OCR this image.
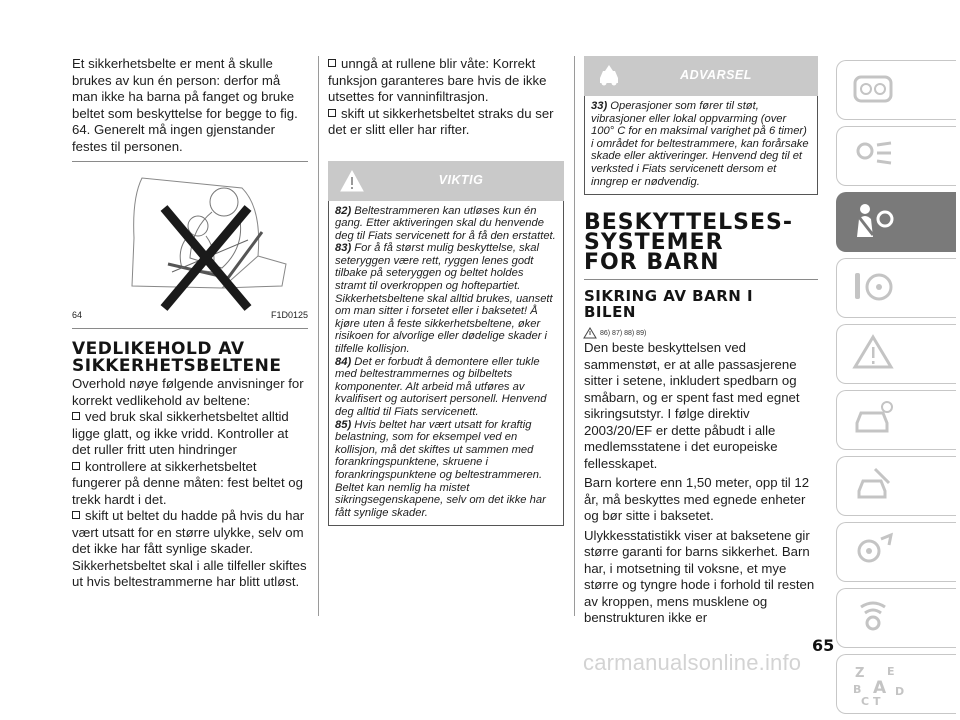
Et sikkerhetsbelte er ment å skulle brukes av kun én person: derfor må man ikke ha barna på fanget og bruke beltet som beskyttelse for begge to fig. 64. Generelt må ingen gjenstander festes til personen.

64	F1D0125
VEDLIKEHOLD AV
SIKKERHETSBELTENE

Overhold nøye følgende anvisninger for korrekt vedlikehold av beltene:

ved bruk skal sikkerhetsbeltet alltid ligge glatt, og ikke vridd. Kontroller at det ruller fritt uten hindringer
kontrollere at sikkerhetsbeltet fungerer på denne måten: fest beltet og trekk hardt i det.
skift ut beltet du hadde på hvis du har vært utsatt for en større ulykke, selv om det ikke har fått synlige skader.

Sikkerhetsbeltet skal i alle tilfeller skiftes ut hvis beltestrammerne har blitt utløst.

unngå at rullene blir våte: Korrekt funksjon garanteres bare hvis de ikke utsettes for vanninfiltrasjon.
skift ut sikkerhetsbeltet straks du ser det er slitt eller har rifter.
VIKTIG

82) Beltestrammeren kan utløses kun én gang. Etter aktiveringen skal du henvende deg til Fiats servicenett for å få den erstattet.

83) For å få størst mulig beskyttelse, skal seteryggen være rett, ryggen lenes godt tilbake på seteryggen og beltet holdes stramt til overkroppen og hoftepartiet. Sikkerhetsbeltene skal alltid brukes, uansett om man sitter i forsetet eller i baksetet! Å kjøre uten å feste sikkerhetsbeltene, øker risikoen for alvorlige eller dødelige skader i tilfelle kollisjon.

84) Det er forbudt å demontere eller tukle med beltestrammernes og bilbeltets komponenter. Alt arbeid må utføres av kvalifisert og autorisert personell. Henvend deg alltid til Fiats servicenett.

85) Hvis beltet har vært utsatt for kraftig belastning, som for eksempel ved en kollisjon, må det skiftes ut sammen med forankringspunktene, skruene i forankringspunktene og beltestrammeren. Beltet kan nemlig ha mistet sikringsegenskapene, selv om det ikke har fått synlige skader.

ADVARSEL

33) Operasjoner som fører til støt, vibrasjoner eller lokal oppvarming (over 100° C for en maksimal varighet på 6 timer) i området for beltestrammere, kan forårsake skade eller aktiveringer. Henvend deg til et verksted i Fiats servicenett dersom et inngrep er nødvendig.

BESKYTTELSES-
SYSTEMER
FOR BARN
SIKRING AV BARN I
BILEN
86) 87) 88) 89)

Den beste beskyttelsen ved sammenstøt, er at alle passasjerene sitter i setene, inkludert spedbarn og småbarn, og er spent fast med egnet sikringsutstyr. I følge direktiv 2003/20/EF er dette påbudt i alle medlemsstatene i det europeiske fellesskapet.

Barn kortere enn 1,50 meter, opp til 12 år, må beskyttes med egnede enheter og bør sitte i baksetet.

Ulykkesstatistikk viser at baksetene gir større garanti for barns sikkerhet. Barn har, i motsetning til voksne, et mye større og tyngre hode i forhold til resten av kroppen, mens musklene og benstrukturen ikke er

Z E
B A
C T
D
65
carmanualsonline.info
